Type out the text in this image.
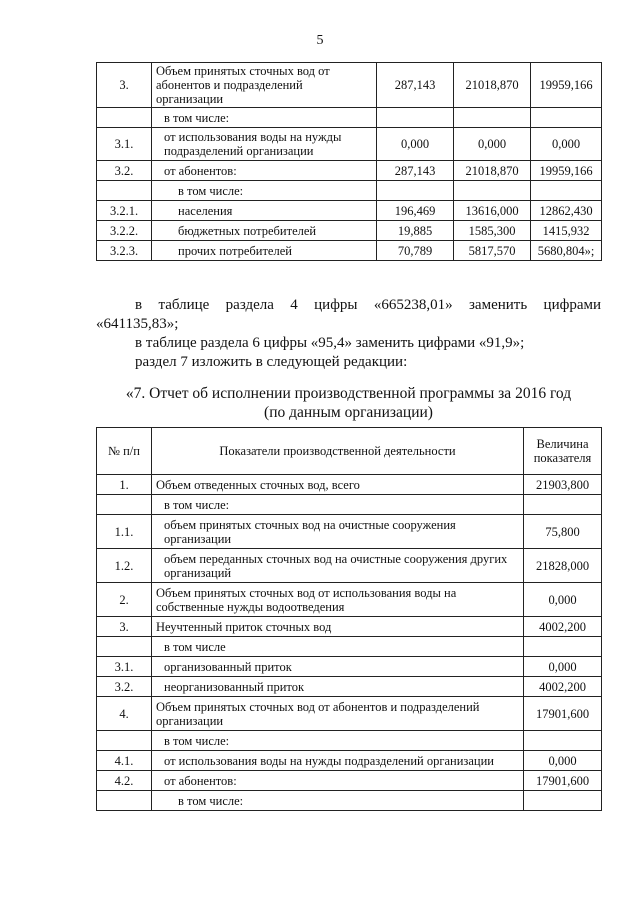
5
3.	Объем принятых сточных вод от абонентов и подразделений организации	287,143	21018,870	19959,166
	в том числе:			
3.1.	от использования воды на нужды подразделений организации	0,000	0,000	0,000
3.2.	от абонентов:	287,143	21018,870	19959,166
	в том числе:			
3.2.1.	населения	196,469	13616,000	12862,430
3.2.2.	бюджетных потребителей	19,885	1585,300	1415,932
3.2.3.	прочих потребителей	70,789	5817,570	5680,804»;
в таблице раздела 4 цифры «665238,01» заменить цифрами
«641135,83»;
в таблице раздела 6 цифры «95,4» заменить цифрами «91,9»;
раздел 7 изложить в следующей редакции:
«7. Отчет об исполнении производственной программы за 2016 год
(по данным организации)
№ п/п	Показатели производственной деятельности	Величина показателя
1.	Объем отведенных сточных вод, всего	21903,800
	в том числе:	
1.1.	объем принятых сточных вод на очистные сооружения организации	75,800
1.2.	объем переданных сточных вод на очистные сооружения других организаций	21828,000
2.	Объем принятых сточных вод от использования воды на собственные нужды водоотведения	0,000
3.	Неучтенный приток сточных вод	4002,200
	в том числе	
3.1.	организованный приток	0,000
3.2.	неорганизованный приток	4002,200
4.	Объем принятых сточных вод от абонентов и подразделений организации	17901,600
	в том числе:	
4.1.	от использования воды на нужды подразделений организации	0,000
4.2.	от абонентов:	17901,600
	в том числе:	
